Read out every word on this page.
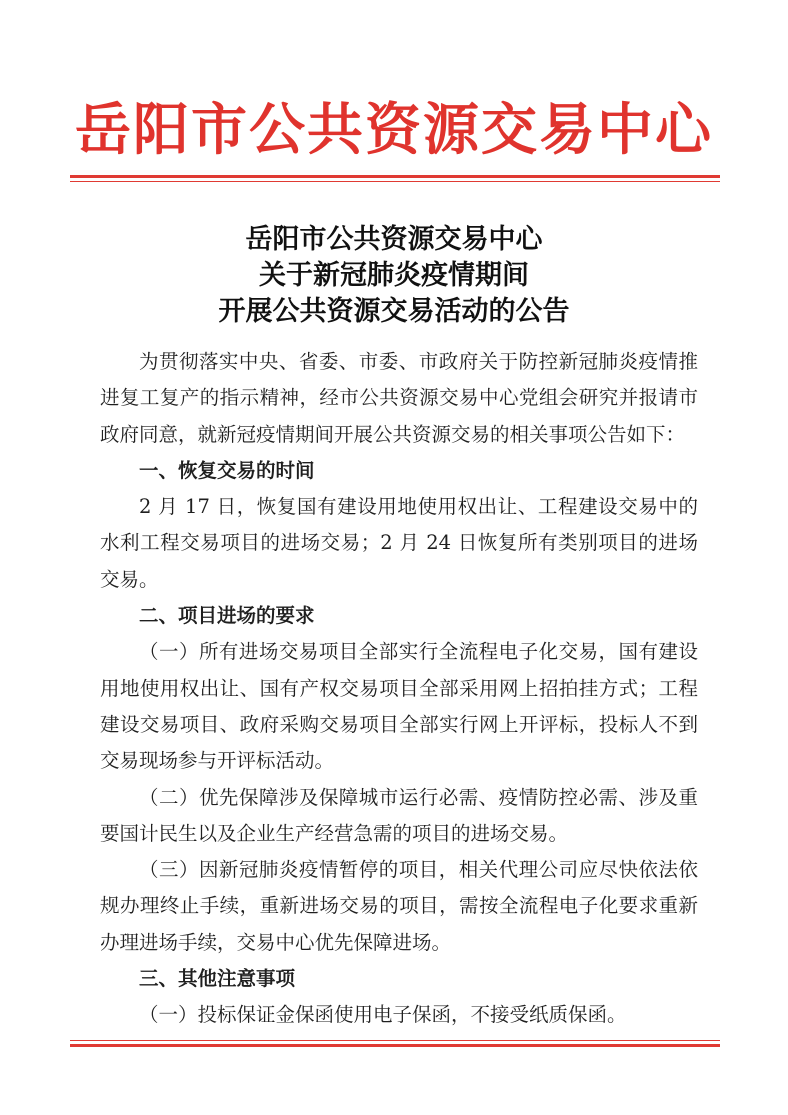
岳阳市公共资源交易中心
岳阳市公共资源交易中心
关于新冠肺炎疫情期间
开展公共资源交易活动的公告

为贯彻落实中央、省委、市委、市政府关于防控新冠肺炎疫情推进复工复产的指示精神，经市公共资源交易中心党组会研究并报请市政府同意，就新冠疫情期间开展公共资源交易的相关事项公告如下：

一、恢复交易的时间

2 月 17 日，恢复国有建设用地使用权出让、工程建设交易中的水利工程交易项目的进场交易；2 月 24 日恢复所有类别项目的进场交易。

二、项目进场的要求

（一）所有进场交易项目全部实行全流程电子化交易，国有建设用地使用权出让、国有产权交易项目全部采用网上招拍挂方式；工程建设交易项目、政府采购交易项目全部实行网上开评标，投标人不到交易现场参与开评标活动。

（二）优先保障涉及保障城市运行必需、疫情防控必需、涉及重要国计民生以及企业生产经营急需的项目的进场交易。

（三）因新冠肺炎疫情暂停的项目，相关代理公司应尽快依法依规办理终止手续，重新进场交易的项目，需按全流程电子化要求重新办理进场手续，交易中心优先保障进场。

三、其他注意事项

（一）投标保证金保函使用电子保函，不接受纸质保函。
